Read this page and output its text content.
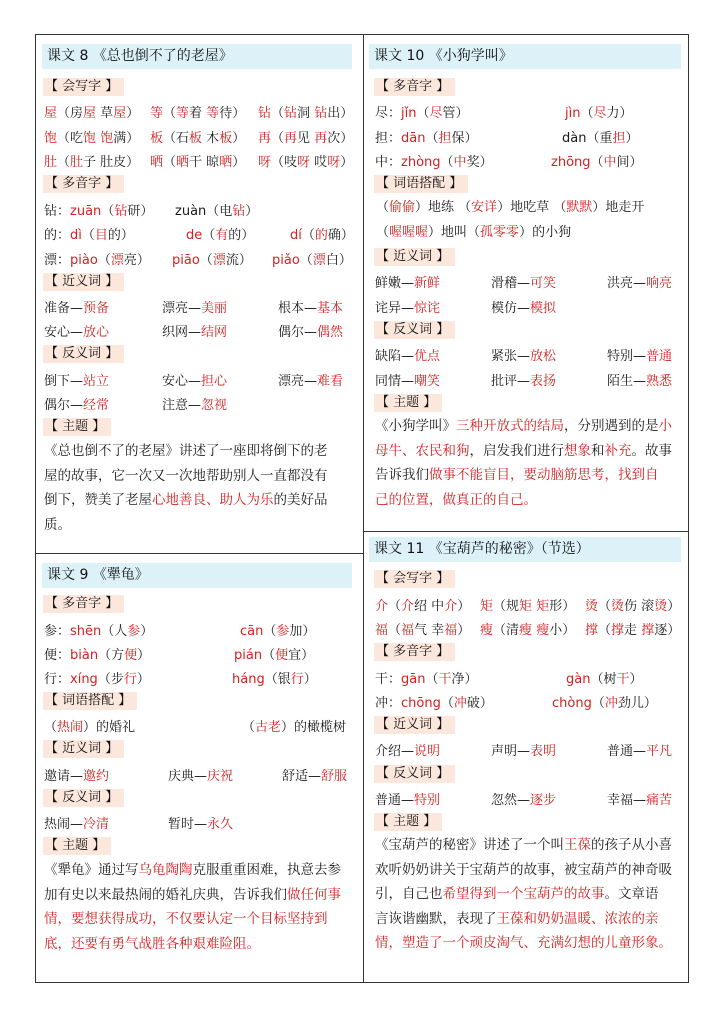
课文 8 《总也倒不了的老屋》
【 会写字 】
屋（房屋 草屋） 等（等着 等待） 钻（钻洞 钻出）
饱（吃饱 饱满） 板（石板 木板） 再（再见 再次）
肚（肚子 肚皮） 晒（晒干 晾晒） 呀（吱呀 哎呀）
【 多音字 】
钻：zuān（钻研） zuàn（电钻）
的：dì（目的）	de（有的）	dí（的确）
漂：piào（漂亮） piāo（漂流） piǎo（漂白）
【 近义词 】
准备—预备	漂亮—美丽	根本—基本
安心—放心	织网—结网	偶尔—偶然
【 反义词 】
倒下—站立	安心—担心	漂亮—难看
偶尔—经常	注意—忽视
【 主题 】
《总也倒不了的老屋》讲述了一座即将倒下的老
屋的故事，它一次又一次地帮助别人一直都没有
倒下，赞美了老屋心地善良、助人为乐的美好品
质。
课文 9 《犟龟》
【 多音字 】
参：shēn（人参）	cān（参加）
便：biàn（方便）	pián（便宜）
行：xíng（步行）	háng（银行）
【 词语搭配 】
（热闹）的婚礼	（古老）的橄榄树
【 近义词 】
邀请—邀约	庆典—庆祝	舒适—舒服
【 反义词 】
热闹—冷清	暂时—永久
【 主题 】
《犟龟》通过写乌龟陶陶克服重重困难，执意去参
加有史以来最热闹的婚礼庆典，告诉我们做任何事
情，要想获得成功，不仅要认定一个目标坚持到
底，还要有勇气战胜各种艰难险阻。
课文 10 《小狗学叫》
【 多音字 】
尽：jǐn（尽管）	jìn（尽力）
担：dān（担保）	dàn（重担）
中：zhòng（中奖）	zhōng（中间）
【 词语搭配 】
（偷偷）地练 （安详）地吃草 （默默）地走开
（喔喔喔）地叫（孤零零）的小狗
【 近义词 】
鲜嫩—新鲜	滑稽—可笑	洪亮—响亮
诧异—惊诧	模仿—模拟
【 反义词 】
缺陷—优点	紧张—放松	特别—普通
同情—嘲笑	批评—表扬	陌生—熟悉
【 主题 】
《小狗学叫》三种开放式的结局，分别遇到的是小
母牛、农民和狗，启发我们进行想象和补充。故事
告诉我们做事不能盲目，要动脑筋思考，找到自
己的位置，做真正的自己。
课文 11 《宝葫芦的秘密》（节选）
【 会写字 】
介（介绍 中介） 矩（规矩 矩形） 烫（烫伤 滚烫）
福（福气 幸福） 瘦（清瘦 瘦小） 撑（撑走 撑逐）
【 多音字 】
干：gān（干净）	gàn（树干）
冲：chōng（冲破）	chòng（冲劲儿）
【 近义词 】
介绍—说明	声明—表明	普通—平凡
【 反义词 】
普通—特别	忽然—逐步	幸福—痛苦
【 主题 】
《宝葫芦的秘密》讲述了一个叫王葆的孩子从小喜
欢听奶奶讲关于宝葫芦的故事，被宝葫芦的神奇吸
引，自己也希望得到一个宝葫芦的故事。文章语
言诙谐幽默，表现了王葆和奶奶温暖、浓浓的亲
情，塑造了一个顽皮淘气、充满幻想的儿童形象。
